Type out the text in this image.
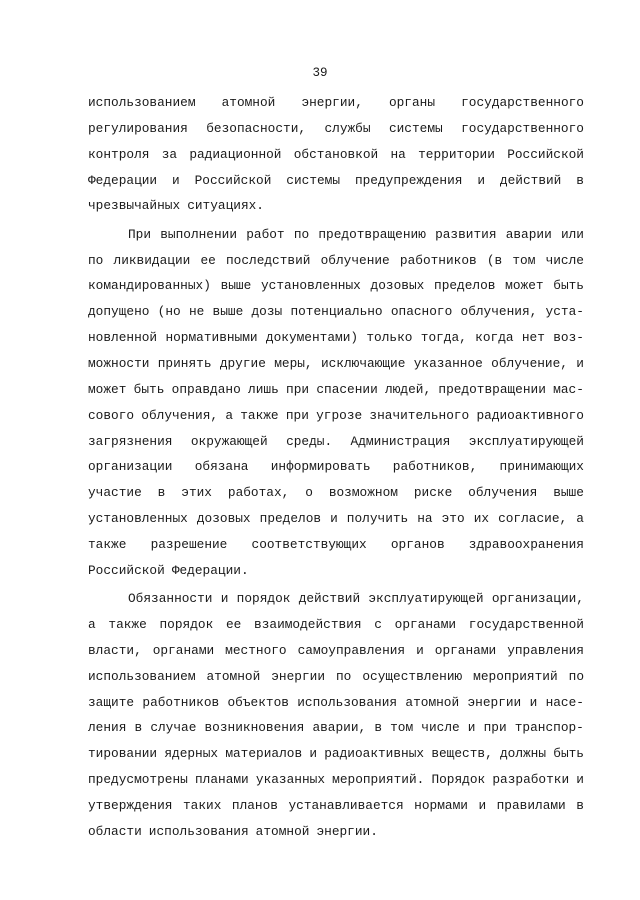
39
использованием атомной энергии, органы государственного
регулирования безопасности, службы системы государственного
контроля за радиационной обстановкой на территории Российской
Федерации и Российской системы предупреждения и действий в
чрезвычайных ситуациях.
При выполнении работ по предотвращению развития аварии или
по ликвидации ее последствий облучение работников (в том числе
командированных) выше установленных дозовых пределов может быть
допущено (но не выше дозы потенциально опасного облучения, уста-
новленной нормативными документами) только тогда, когда нет воз-
можности принять другие меры, исключающие указанное облучение, и
может быть оправдано лишь при спасении людей, предотвращении мас-
сового облучения, а также при угрозе значительного радиоактивного
загрязнения окружающей среды. Администрация эксплуатирующей
организации обязана информировать работников, принимающих
участие в этих работах, о возможном риске облучения выше
установленных дозовых пределов и получить на это их согласие, а
также разрешение соответствующих органов здравоохранения
Российской Федерации.
Обязанности и порядок действий эксплуатирующей организации,
а также порядок ее взаимодействия с органами государственной
власти, органами местного самоуправления и органами управления
использованием атомной энергии по осуществлению мероприятий по
защите работников объектов использования атомной энергии и насе-
ления в случае возникновения аварии, в том числе и при транспор-
тировании ядерных материалов и радиоактивных веществ, должны быть
предусмотрены планами указанных мероприятий. Порядок разработки и
утверждения таких планов устанавливается нормами и правилами в
области использования атомной энергии.
